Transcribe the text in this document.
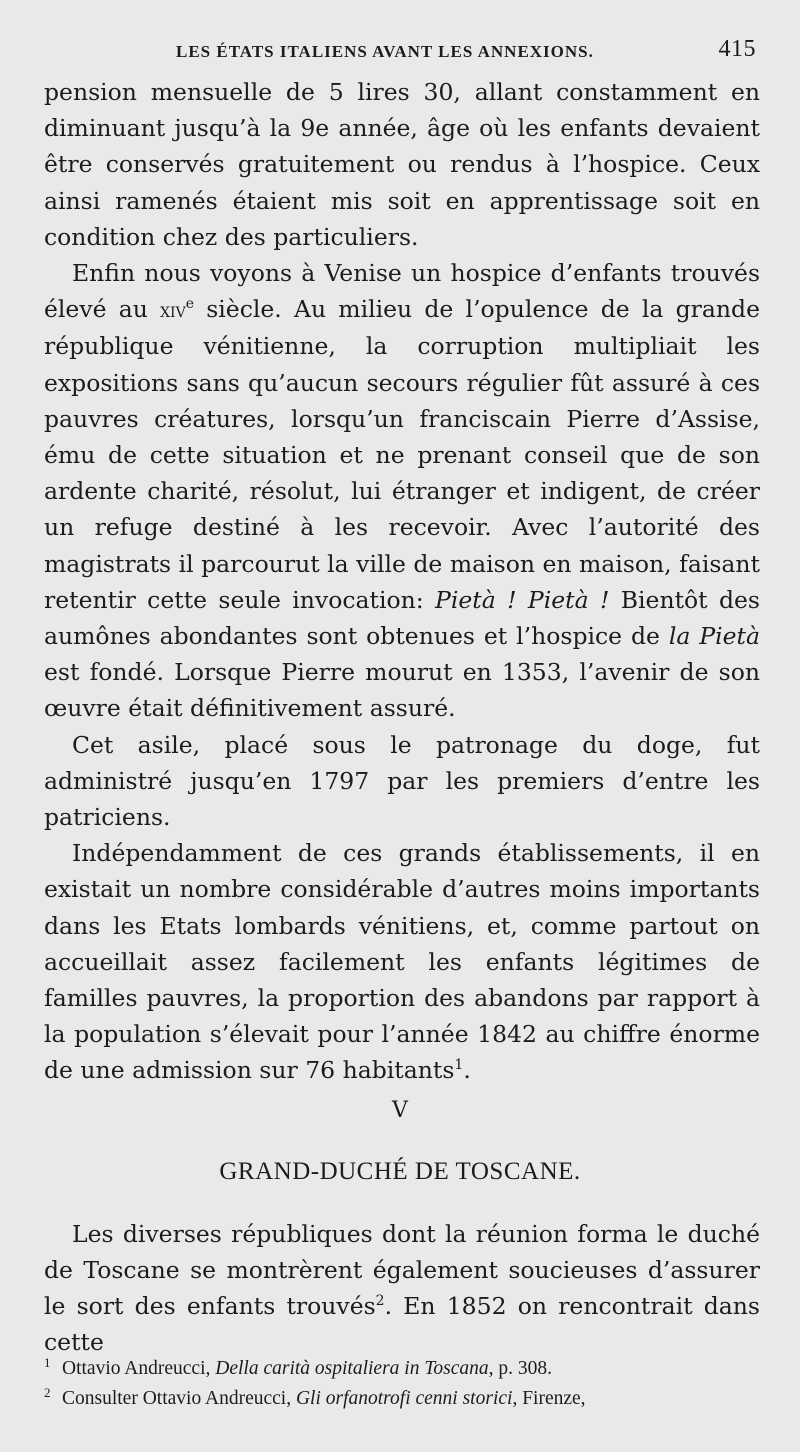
LES ÉTATS ITALIENS AVANT LES ANNEXIONS.	415

pension mensuelle de 5 lires 30, allant constamment en diminuant jusqu’à la 9e année, âge où les enfants devaient être conservés gratuitement ou rendus à l’hospice. Ceux ainsi ramenés étaient mis soit en apprentissage soit en condition chez des particuliers.

Enfin nous voyons à Venise un hospice d’enfants trouvés élevé au xiv$^e$ siècle. Au milieu de l’opulence de la grande république vénitienne, la corruption multipliait les expositions sans qu’aucun secours régulier fût assuré à ces pauvres créatures, lorsqu’un franciscain Pierre d’Assise, ému de cette situation et ne prenant conseil que de son ardente charité, résolut, lui étranger et indigent, de créer un refuge destiné à les recevoir. Avec l’autorité des magistrats il parcourut la ville de maison en maison, faisant retentir cette seule invocation: Pietà ! Pietà ! Bientôt des aumônes abondantes sont obtenues et l’hospice de la Pietà est fondé. Lorsque Pierre mourut en 1353, l’avenir de son œuvre était définitivement assuré.

Cet asile, placé sous le patronage du doge, fut administré jusqu’en 1797 par les premiers d’entre les patriciens.

Indépendamment de ces grands établissements, il en existait un nombre considérable d’autres moins importants dans les Etats lombards vénitiens, et, comme partout on accueillait assez facilement les enfants légitimes de familles pauvres, la proportion des abandons par rapport à la population s’élevait pour l’année 1842 au chiffre énorme de une admission sur 76 habitants$^1$.

V
GRAND-DUCHÉ DE TOSCANE.

Les diverses républiques dont la réunion forma le duché de Toscane se montrèrent également soucieuses d’assurer le sort des enfants trouvés$^2$. En 1852 on rencontrait dans cette

1 Ottavio Andreucci, Della carità ospitaliera in Toscana, p. 308.
2 Consulter Ottavio Andreucci, Gli orfanotrofi cenni storici, Firenze,
